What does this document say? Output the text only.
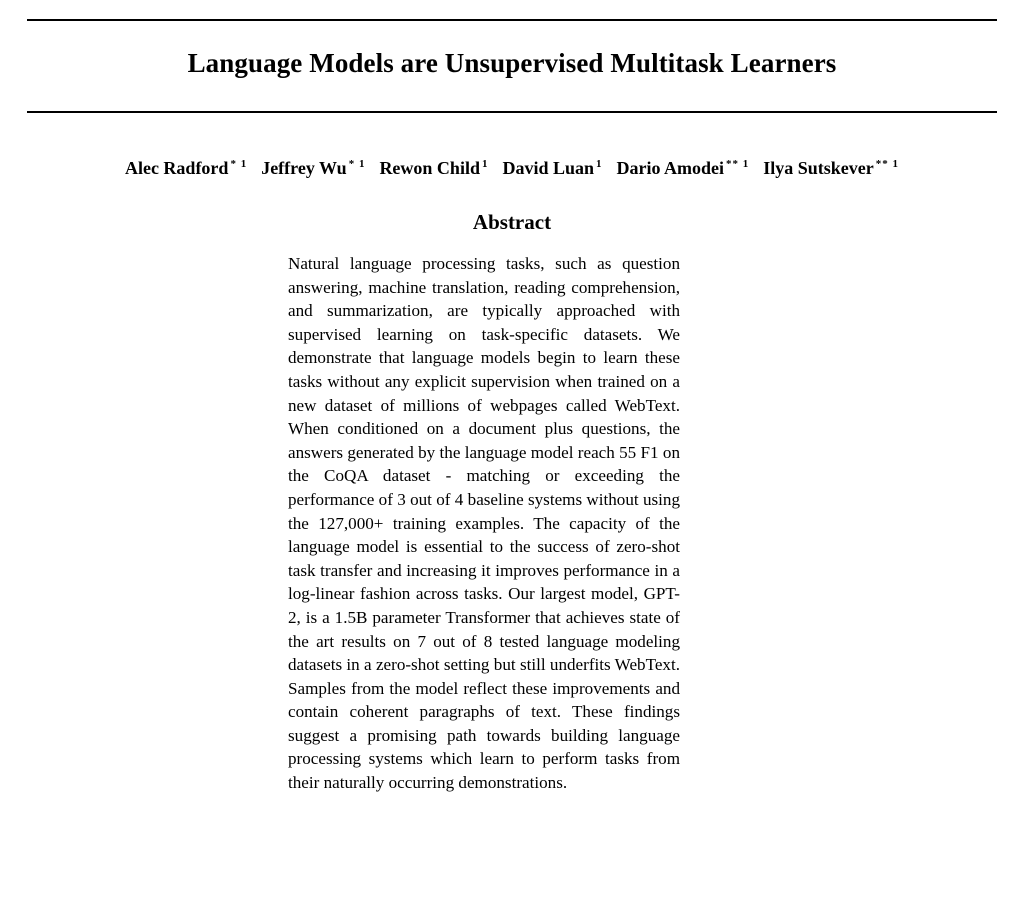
Language Models are Unsupervised Multitask Learners
Alec Radford $^{* 1}$ Jeffrey Wu $^{* 1}$ Rewon Child $^1$ David Luan $^1$ Dario Amodei $^{** 1}$ Ilya Sutskever $^{** 1}$
Abstract
Natural language processing tasks, such as question answering, machine translation, reading comprehension, and summarization, are typically approached with supervised learning on task-specific datasets. We demonstrate that language models begin to learn these tasks without any explicit supervision when trained on a new dataset of millions of webpages called WebText. When conditioned on a document plus questions, the answers generated by the language model reach 55 F1 on the CoQA dataset - matching or exceeding the performance of 3 out of 4 baseline systems without using the 127,000+ training examples. The capacity of the language model is essential to the success of zero-shot task transfer and increasing it improves performance in a log-linear fashion across tasks. Our largest model, GPT-2, is a 1.5B parameter Transformer that achieves state of the art results on 7 out of 8 tested language modeling datasets in a zero-shot setting but still underfits WebText. Samples from the model reflect these improvements and contain coherent paragraphs of text. These findings suggest a promising path towards building language processing systems which learn to perform tasks from their naturally occurring demonstrations.
